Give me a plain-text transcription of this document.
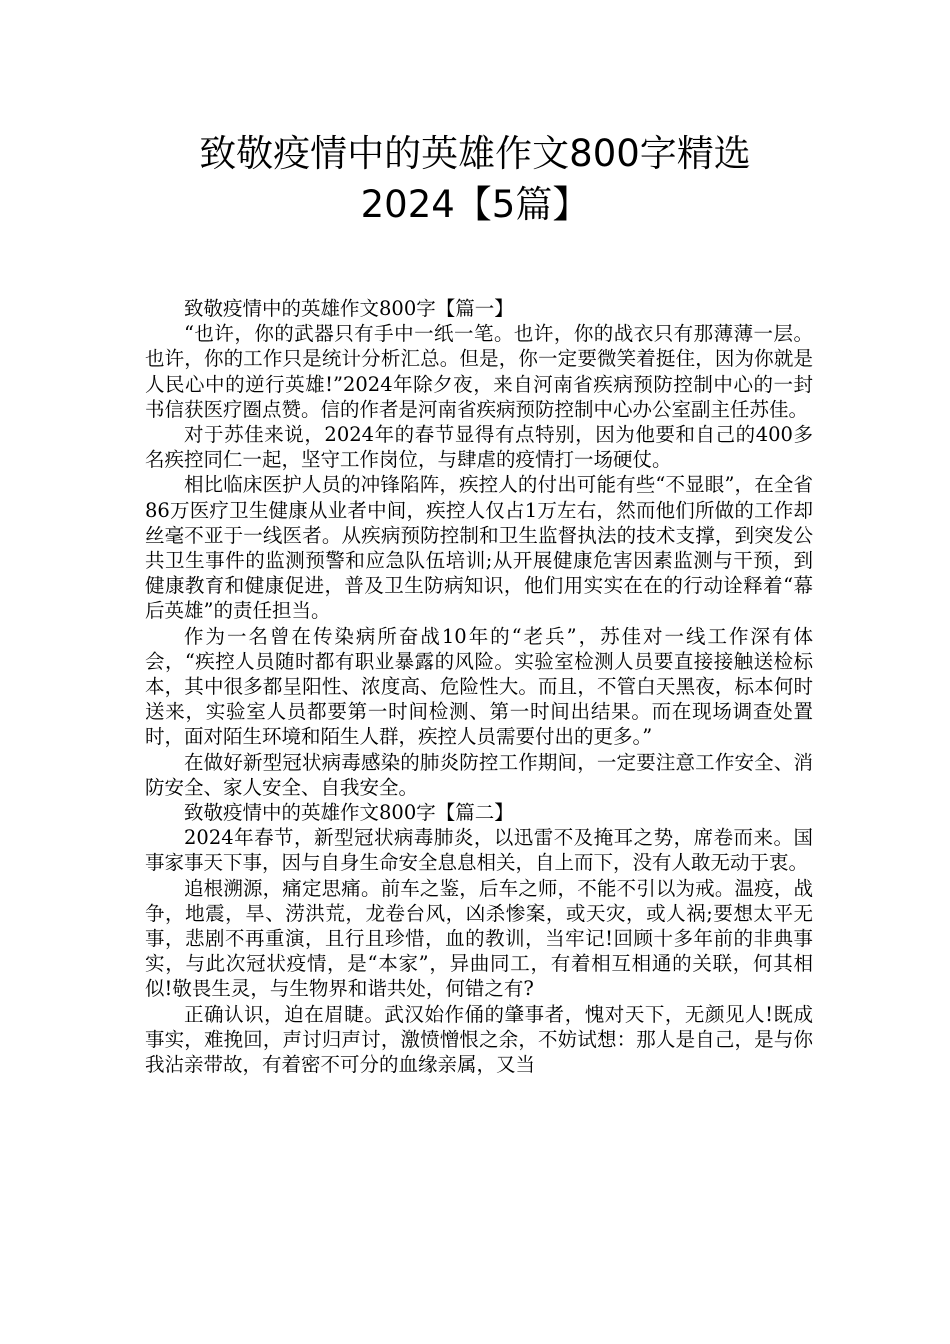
致敬疫情中的英雄作文800字精选
2024【5篇】

致敬疫情中的英雄作文800字【篇一】

“也许，你的武器只有手中一纸一笔。也许，你的战衣只有那薄薄一层。也许，你的工作只是统计分析汇总。但是，你一定要微笑着挺住，因为你就是人民心中的逆行英雄!”2024年除夕夜，来自河南省疾病预防控制中心的一封书信获医疗圈点赞。信的作者是河南省疾病预防控制中心办公室副主任苏佳。

对于苏佳来说，2024年的春节显得有点特别，因为他要和自己的400多名疾控同仁一起，坚守工作岗位，与肆虐的疫情打一场硬仗。

相比临床医护人员的冲锋陷阵，疾控人的付出可能有些“不显眼”，在全省86万医疗卫生健康从业者中间，疾控人仅占1万左右，然而他们所做的工作却丝毫不亚于一线医者。从疾病预防控制和卫生监督执法的技术支撑，到突发公共卫生事件的监测预警和应急队伍培训;从开展健康危害因素监测与干预，到健康教育和健康促进，普及卫生防病知识，他们用实实在在的行动诠释着“幕后英雄”的责任担当。

作为一名曾在传染病所奋战10年的“老兵”，苏佳对一线工作深有体会，“疾控人员随时都有职业暴露的风险。实验室检测人员要直接接触送检标本，其中很多都呈阳性、浓度高、危险性大。而且，不管白天黑夜，标本何时送来，实验室人员都要第一时间检测、第一时间出结果。而在现场调查处置时，面对陌生环境和陌生人群，疾控人员需要付出的更多。”

在做好新型冠状病毒感染的肺炎防控工作期间，一定要注意工作安全、消防安全、家人安全、自我安全。

致敬疫情中的英雄作文800字【篇二】

2024年春节，新型冠状病毒肺炎，以迅雷不及掩耳之势，席卷而来。国事家事天下事，因与自身生命安全息息相关，自上而下，没有人敢无动于衷。

追根溯源，痛定思痛。前车之鉴，后车之师，不能不引以为戒。温疫，战争，地震，旱、涝洪荒，龙卷台风，凶杀惨案，或天灾，或人祸;要想太平无事，悲剧不再重演，且行且珍惜，血的教训，当牢记!回顾十多年前的非典事实，与此次冠状疫情，是“本家”，异曲同工，有着相互相通的关联，何其相似!敬畏生灵，与生物界和谐共处，何错之有?

正确认识，迫在眉睫。武汉始作俑的肇事者，愧对天下，无颜见人!既成事实，难挽回，声讨归声讨，激愤憎恨之余，不妨试想：那人是自己，是与你我沾亲带故，有着密不可分的血缘亲属，又当
